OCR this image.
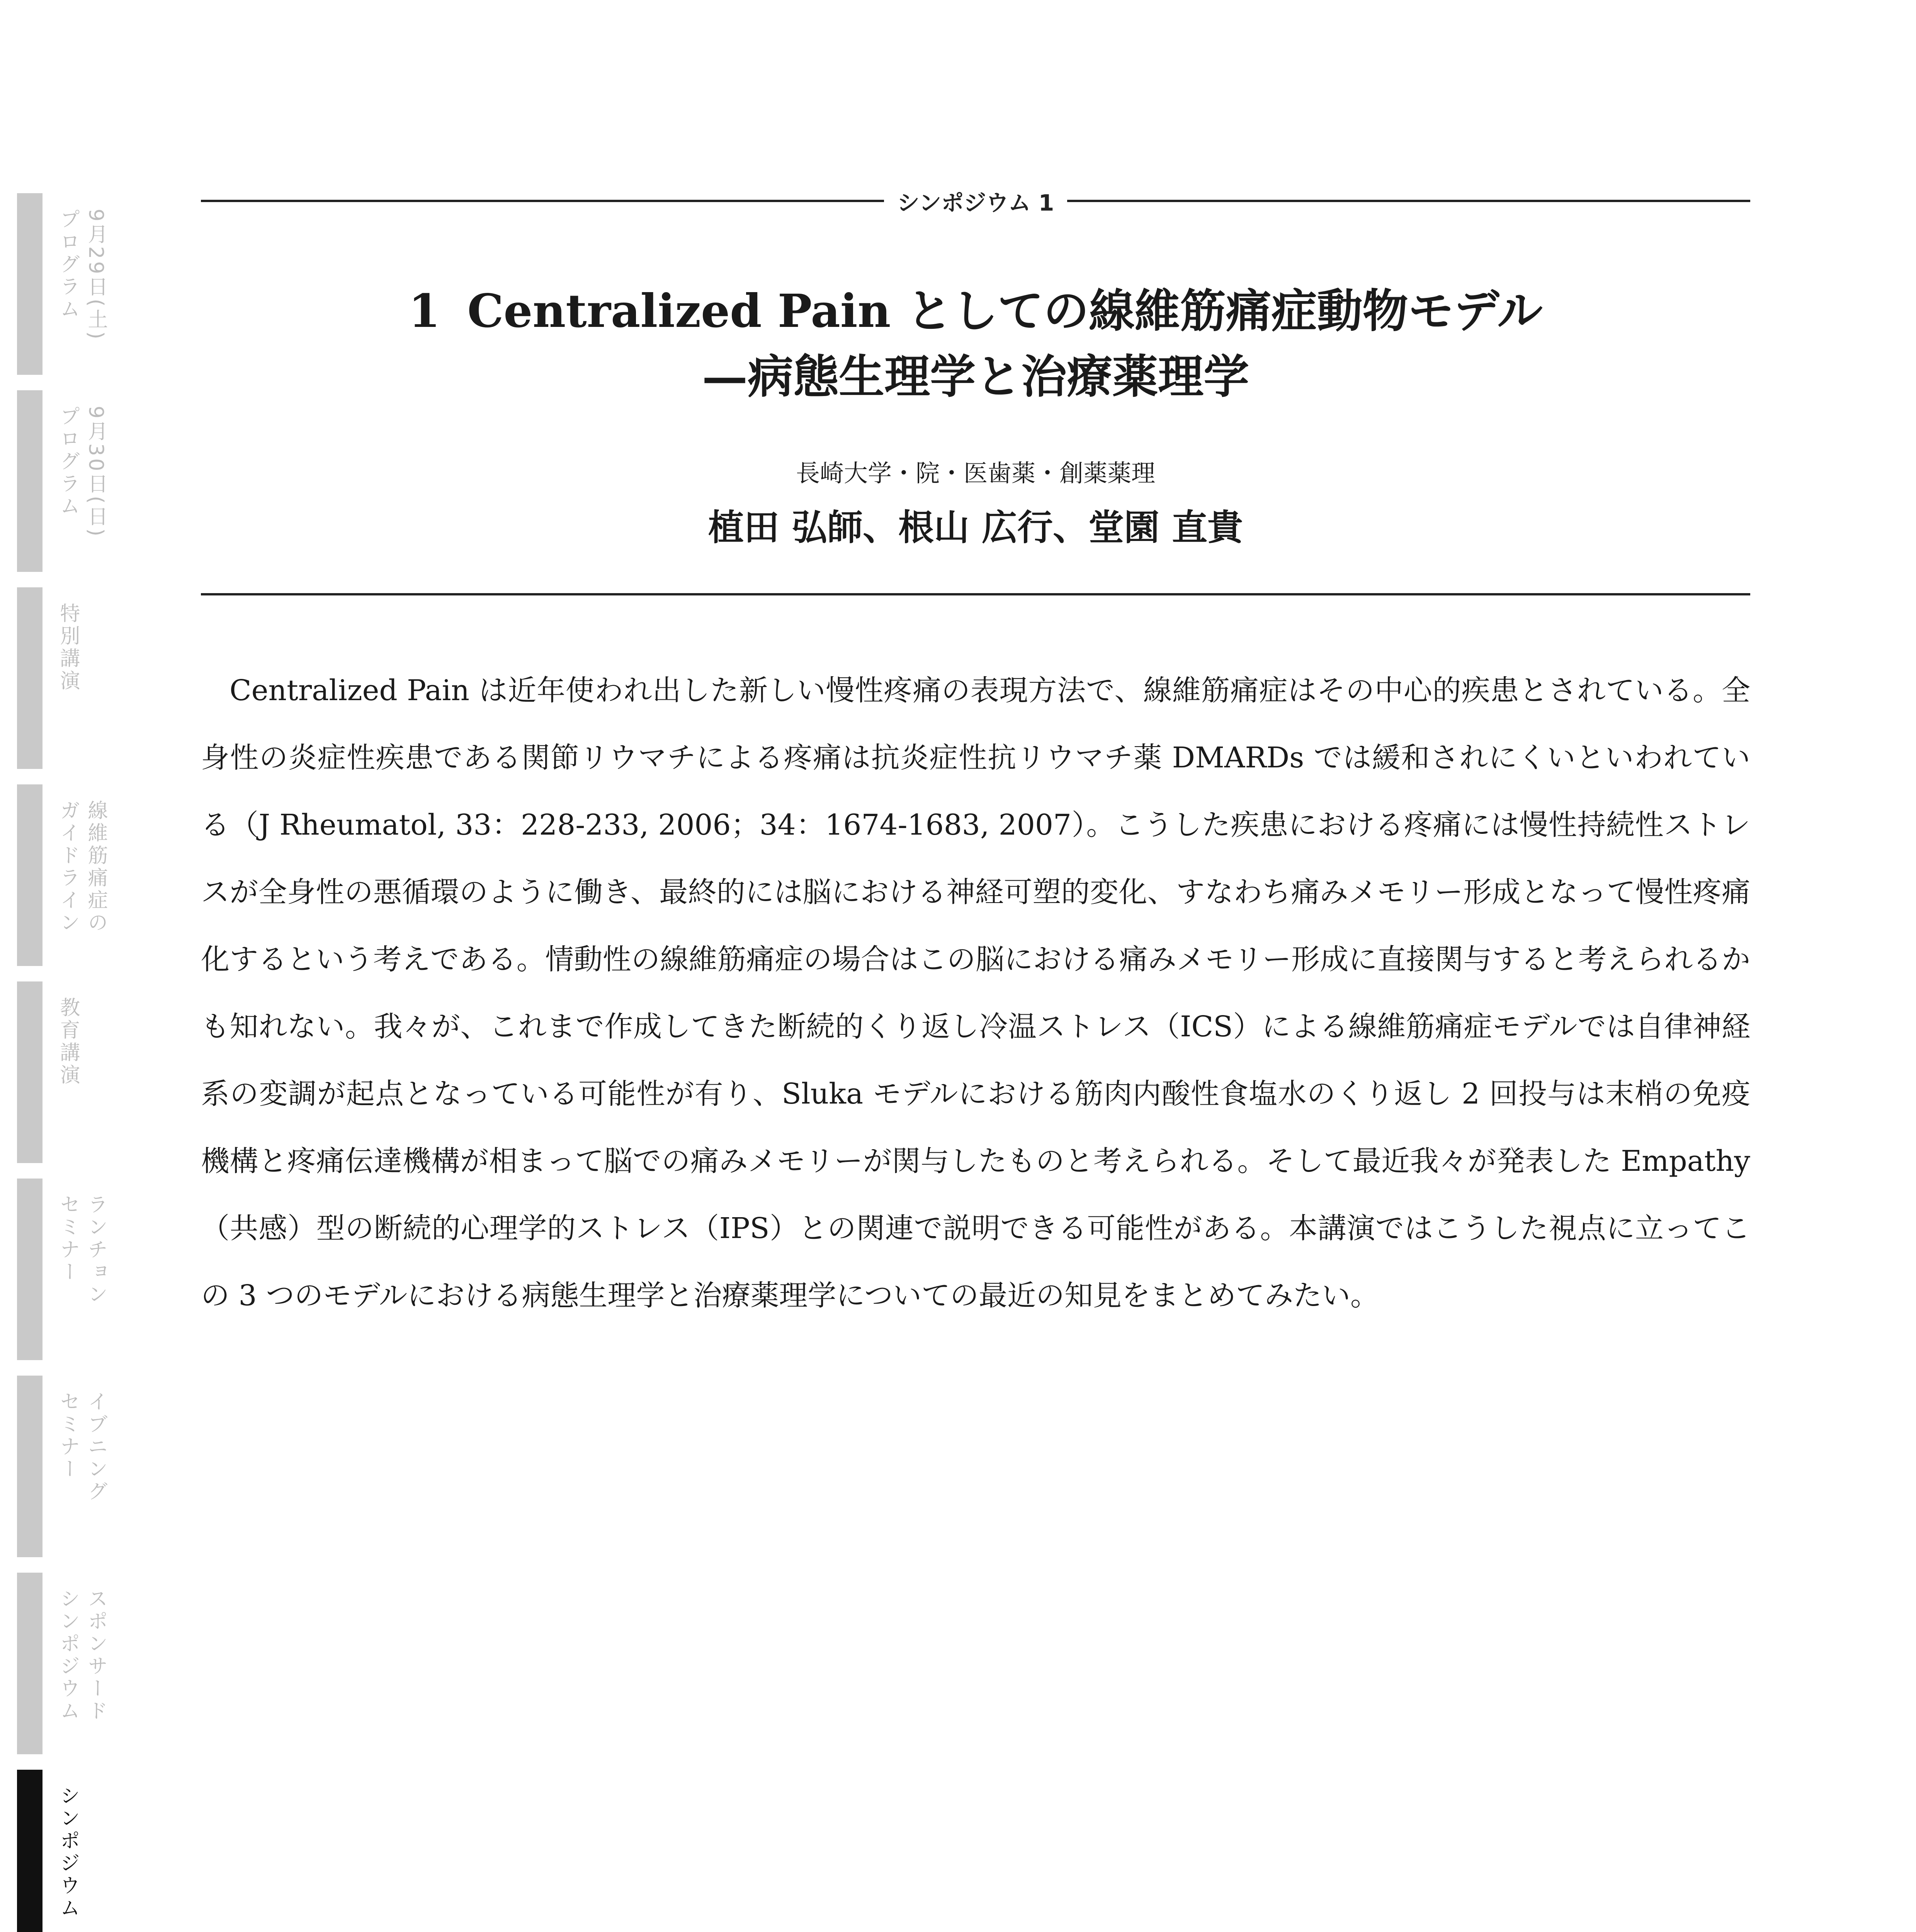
9月29日(土)
プログラム
9月30日(日)
プログラム
特別講演
線維筋痛症の
ガイドライン
教育講演
ランチョン
セミナー
イブニング
セミナー
スポンサード
シンポジウム
シンポジウム
シンポジウム 1
1 Centralized Pain としての線維筋痛症動物モデル
—病態生理学と治療薬理学
長崎大学・院・医歯薬・創薬薬理
植田 弘師、根山 広行、堂園 直貴
Centralized Pain は近年使われ出した新しい慢性疼痛の表現方法で、線維筋痛症はその中心的疾患とされている。全身性の炎症性疾患である関節リウマチによる疼痛は抗炎症性抗リウマチ薬 DMARDs では緩和されにくいといわれている（J Rheumatol, 33：228-233, 2006；34：1674-1683, 2007）。こうした疾患における疼痛には慢性持続性ストレスが全身性の悪循環のように働き、最終的には脳における神経可塑的変化、すなわち痛みメモリー形成となって慢性疼痛化するという考えである。情動性の線維筋痛症の場合はこの脳における痛みメモリー形成に直接関与すると考えられるかも知れない。我々が、これまで作成してきた断続的くり返し冷温ストレス（ICS）による線維筋痛症モデルでは自律神経系の変調が起点となっている可能性が有り、Sluka モデルにおける筋肉内酸性食塩水のくり返し 2 回投与は末梢の免疫機構と疼痛伝達機構が相まって脳での痛みメモリーが関与したものと考えられる。そして最近我々が発表した Empathy（共感）型の断続的心理学的ストレス（IPS）との関連で説明できる可能性がある。本講演ではこうした視点に立ってこの 3 つのモデルにおける病態生理学と治療薬理学についての最近の知見をまとめてみたい。
